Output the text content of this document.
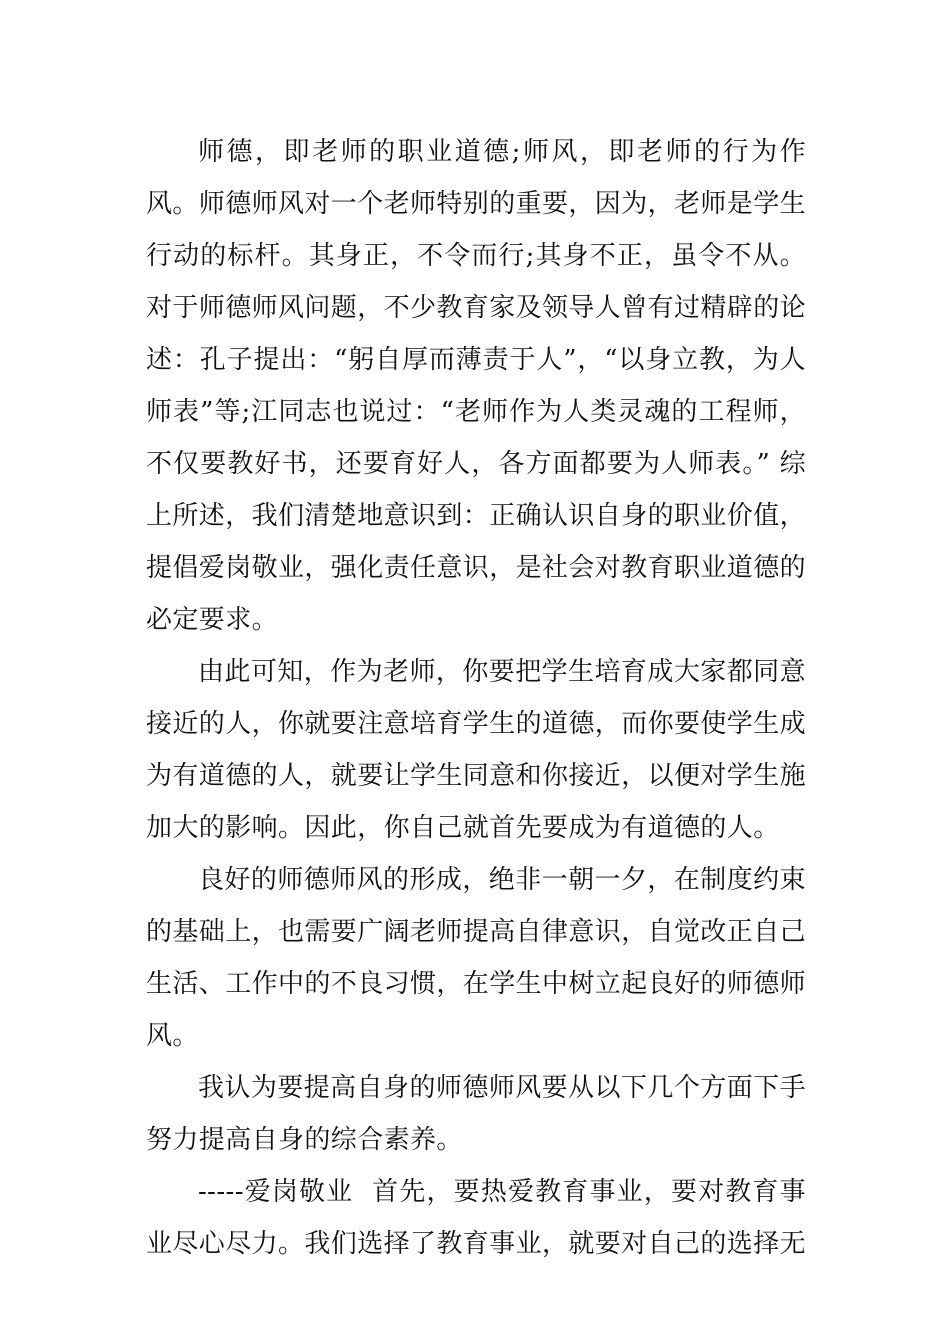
师德，即老师的职业道德;师风，即老师的行为作风。师德师风对一个老师特别的重要，因为，老师是学生行动的标杆。其身正，不令而行;其身不正，虽令不从。对于师德师风问题，不少教育家及领导人曾有过精辟的论述：孔子提出：“躬自厚而薄责于人”，“以身立教，为人师表”等;江同志也说过：“老师作为人类灵魂的工程师，不仅要教好书，还要育好人，各方面都要为人师表。” 综上所述，我们清楚地意识到：正确认识自身的职业价值，提倡爱岗敬业，强化责任意识，是社会对教育职业道德的必定要求。

由此可知，作为老师，你要把学生培育成大家都同意接近的人，你就要注意培育学生的道德，而你要使学生成为有道德的人，就要让学生同意和你接近，以便对学生施加大的影响。因此，你自己就首先要成为有道德的人。

良好的师德师风的形成，绝非一朝一夕，在制度约束的基础上，也需要广阔老师提高自律意识，自觉改正自己生活、工作中的不良习惯，在学生中树立起良好的师德师风。

我认为要提高自身的师德师风要从以下几个方面下手努力提高自身的综合素养。

-----爱岗敬业  首先，要热爱教育事业，要对教育事业尽心尽力。我们选择了教育事业，就要对自己的选择无
